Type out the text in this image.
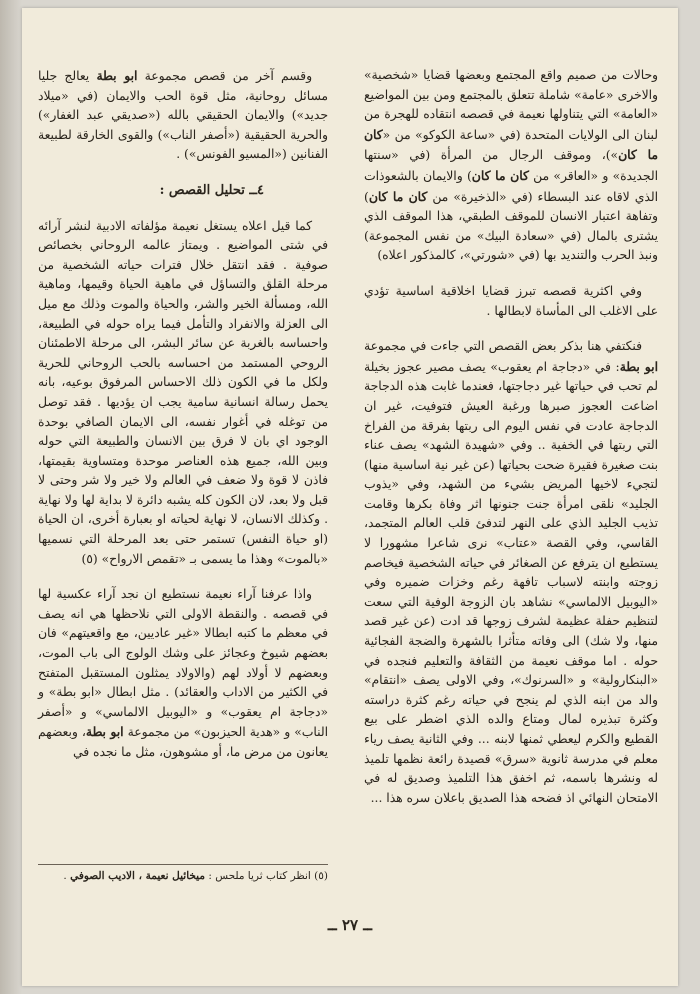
وحالات من صميم واقع المجتمع وبعضها قضايا «شخصية» والاخرى «عامة» شاملة تتعلق بالمجتمع ومن بين المواضيع «العامة» التي يتناولها نعيمة في قصصه انتقاده للهجرة من لبنان الى الولايات المتحدة (في «ساعة الكوكو» من «كان ما كان»)، وموقف الرجال من المرأة (في «سنتها الجديدة» و «العاقر» من كان ما كان) والايمان بالشعوذات الذي لاقاه عند البسطاء (في «الذخيرة» من كان ما كان) وتفاهة اعتبار الانسان للموقف الطبقي، هذا الموقف الذي يشترى بالمال (في «سعادة البيك» من نفس المجموعة) ونبذ الحرب والتنديد بها (في «شورتي»، كالمذكور اعلاه)

وفي اكثرية قصصه تبرز قضايا اخلاقية اساسية تؤدي على الاغلب الى المأساة لابطالها .

فنكتفي هنا بذكر بعض القصص التي جاءت في مجموعة ابو بطة: في «دجاجة ام يعقوب» يصف مصير عجوز بخيلة لم تحب في حياتها غير دجاجتها، فعندما غابت هذه الدجاجة اضاعت العجوز صبرها ورغبة العيش فتوفيت، غير ان الدجاجة عادت في نفس اليوم الى ربتها بفرقة من الفراخ التي ربتها في الخفية .. وفي «شهيدة الشهد» يصف عناء بنت صغيرة فقيرة ضحت بحياتها (عن غير نية اساسية منها) لتجيء لاخيها المريض بشيء من الشهد، وفي «يذوب الجليد» نلقى امرأة جنت جنونها اثر وفاة بكرها وقامت تذيب الجليد الذي على النهر لتدفئ قلب العالم المتجمد، القاسي، وفي القصة «عتاب» نرى شاعرا مشهورا لا يستطيع ان يترفع عن الصغائر في حياته الشخصية فيخاصم زوجته وابنته لاسباب تافهة رغم وخزات ضميره وفي «اليوبيل الالماسي» نشاهد بان الزوجة الوفية التي سعت لتنظيم حفلة عظيمة لشرف زوجها قد ادت (عن غير قصد منها، ولا شك) الى وفاته متأثرا بالشهرة والضجة الفجائية حوله . اما موقف نعيمة من الثقافة والتعليم فنجده في «البنكارولية» و «السرنوك»، وفي الاولى يصف «انتقام» والد من ابنه الذي لم ينجح في حياته رغم كثرة دراسته وكثرة تبذيره لمال ومتاع والده الذي اضطر على بيع القطيع والكرم ليعطي ثمنها لابنه ... وفي الثانية يصف رياء معلم في مدرسة ثانوية «سرق» قصيدة رائعة نظمها تلميذ له ونشرها باسمه، ثم اخفق هذا التلميذ وصديق له في الامتحان النهائي اذ فضحه هذا الصديق باعلان سره هذا ...

وقسم آخر من قصص مجموعة ابو بطة يعالج جليا مسائل روحانية، مثل قوة الحب والايمان (في «ميلاد جديد») والايمان الحقيقي بالله («صديقي عبد الغفار») والحرية الحقيقية («أصفر الناب») والقوى الخارقة لطبيعة الفنانين («المسيو الفونس») .

٤ــ تحليل القصص :

كما قيل اعلاه يستغل نعيمة مؤلفاته الادبية لنشر آرائه في شتى المواضيع . ويمتاز عالمه الروحاني بخصائص صوفية . فقد انتقل خلال فترات حياته الشخصية من مرحلة القلق والتساؤل في ماهية الحياة وقيمها، وماهية الله، ومسألة الخير والشر، والحياة والموت وذلك مع ميل الى العزلة والانفراد والتأمل فيما يراه حوله في الطبيعة، واحساسه بالغربة عن سائر البشر، الى مرحلة الاطمئنان الروحي المستمد من احساسه بالحب الروحاني للحرية ولكل ما في الكون ذلك الاحساس المرفوق بوعيه، بانه يحمل رسالة انسانية سامية يجب ان يؤديها . فقد توصل من توغله في أغوار نفسه، الى الايمان الصافي بوحدة الوجود اي بان لا فرق بين الانسان والطبيعة التي حوله وبين الله، جميع هذه العناصر موحدة ومتساوية بقيمتها، فاذن لا قوة ولا ضعف في العالم ولا خير ولا شر وحتى لا قبل ولا بعد، لان الكون كله يشبه دائرة لا بداية لها ولا نهاية . وكذلك الانسان، لا نهاية لحياته او بعبارة أخرى، ان الحياة (او حياة النفس) تستمر حتى بعد المرحلة التي نسميها «بالموت» وهذا ما يسمى بـ «تقمص الارواح» (٥)

واذا عرفنا آراء نعيمة نستطيع ان نجد آراء عكسية لها في قصصه . والنقطة الاولى التي نلاحظها هي انه يصف في معظم ما كتبه ابطالا «غير عاديين، مع واقعيتهم» فان بعضهم شيوخ وعجائز على وشك الولوج الى باب الموت، وبعضهم لا أولاد لهم (والاولاد يمثلون المستقبل المتفتح في الكثير من الاداب والعقائد) . مثل ابطال «ابو بطة» و «دجاجة ام يعقوب» و «اليوبيل الالماسي» و «أصفر الناب» و «هدية الحيزبون» من مجموعة ابو بطة، وبعضهم يعانون من مرض ما، أو مشوهون، مثل ما نجده في

(٥) انظر كتاب ثريا ملحس : ميخائيل نعيمة ، الاديب الصوفي .
ــ ٢٧ ــ
